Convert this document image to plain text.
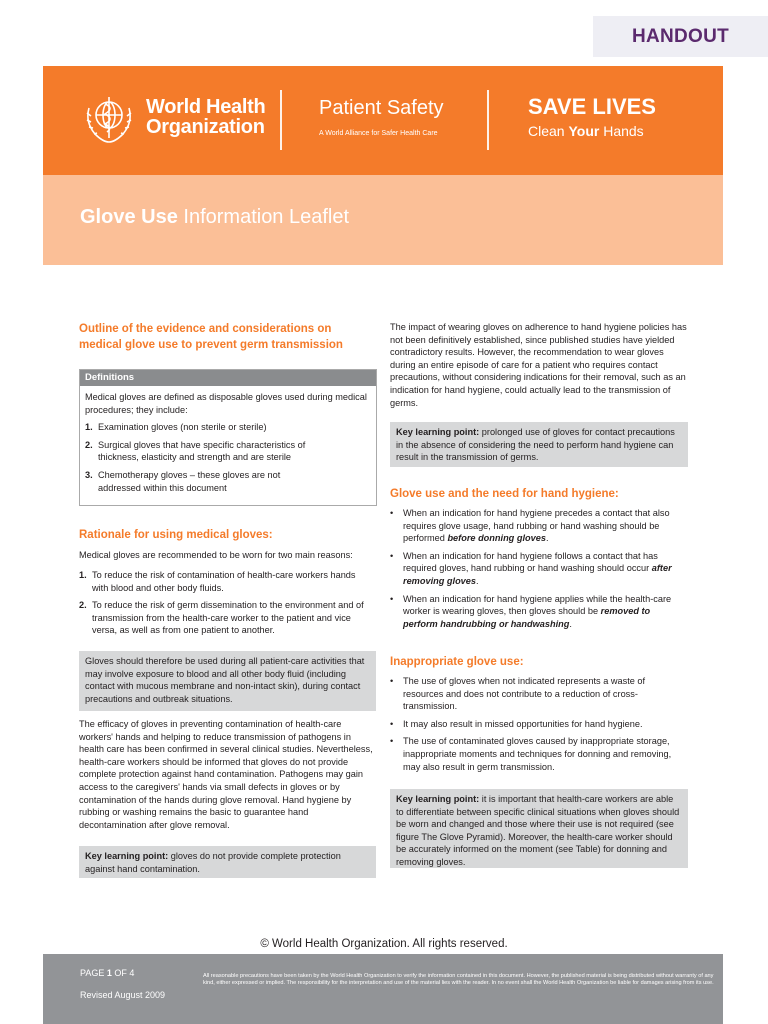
HANDOUT
World Health
Organization
Patient Safety
A World Alliance for Safer Health Care
SAVE LIVES
Clean Your Hands
Glove Use Information Leaflet
Outline of the evidence and considerations on medical glove use to prevent germ transmission
Definitions
Medical gloves are defined as disposable gloves used during medical procedures; they include:
1. Examination gloves (non sterile or sterile)
2. Surgical gloves that have specific characteristics of thickness, elasticity and strength and are sterile
3. Chemotherapy gloves – these gloves are not addressed within this document
Rationale for using medical gloves:
Medical gloves are recommended to be worn for two main reasons:
1. To reduce the risk of contamination of health-care workers hands with blood and other body fluids.
2. To reduce the risk of germ dissemination to the environment and of transmission from the health-care worker to the patient and vice versa, as well as from one patient to another.
Gloves should therefore be used during all patient-care activities that may involve exposure to blood and all other body fluid (including contact with mucous membrane and non-intact skin), during contact precautions and outbreak situations.
The efficacy of gloves in preventing contamination of health-care workers' hands and helping to reduce transmission of pathogens in health care has been confirmed in several clinical studies. Nevertheless, health-care workers should be informed that gloves do not provide complete protection against hand contamination. Pathogens may gain access to the caregivers' hands via small defects in gloves or by contamination of the hands during glove removal. Hand hygiene by rubbing or washing remains the basic to guarantee hand decontamination after glove removal.
Key learning point: gloves do not provide complete protection against hand contamination.
The impact of wearing gloves on adherence to hand hygiene policies has not been definitively established, since published studies have yielded contradictory results. However, the recommendation to wear gloves during an entire episode of care for a patient who requires contact precautions, without considering indications for their removal, such as an indication for hand hygiene, could actually lead to the transmission of germs.
Key learning point: prolonged use of gloves for contact precautions in the absence of considering the need to perform hand hygiene can result in the transmission of germs.
Glove use and the need for hand hygiene:
• When an indication for hand hygiene precedes a contact that also requires glove usage, hand rubbing or hand washing should be performed before donning gloves.
• When an indication for hand hygiene follows a contact that has required gloves, hand rubbing or hand washing should occur after removing gloves.
• When an indication for hand hygiene applies while the health-care worker is wearing gloves, then gloves should be removed to perform handrubbing or handwashing.
Inappropriate glove use:
• The use of gloves when not indicated represents a waste of resources and does not contribute to a reduction of cross-transmission.
• It may also result in missed opportunities for hand hygiene.
• The use of contaminated gloves caused by inappropriate storage, inappropriate moments and techniques for donning and removing, may also result in germ transmission.
Key learning point: it is important that health-care workers are able to differentiate between specific clinical situations when gloves should be worn and changed and those where their use is not required (see figure The Glove Pyramid). Moreover, the health-care worker should be accurately informed on the moment (see Table) for donning and removing gloves.
© World Health Organization. All rights reserved.
PAGE 1 OF 4
Revised August 2009
All reasonable precautions have been taken by the World Health Organization to verify the information contained in this document. However, the published material is being distributed without warranty of any kind, either expressed or implied. The responsibility for the interpretation and use of the material lies with the reader. In no event shall the World Health Organization be liable for damages arising from its use.
